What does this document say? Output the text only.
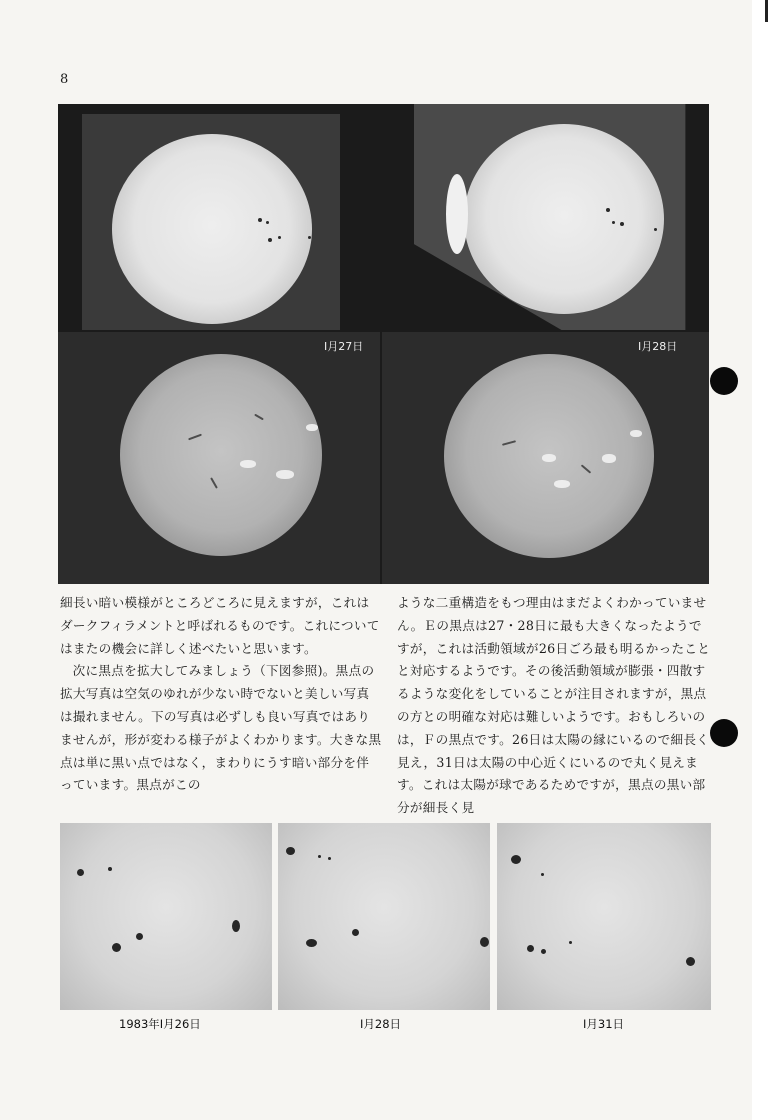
8
Ⅰ月27日	Ⅰ月28日

細長い暗い模様がところどころに見えますが，これはダークフィラメントと呼ばれるものです。これについてはまたの機会に詳しく述べたいと思います。

次に黒点を拡大してみましょう（下図参照)。黒点の拡大写真は空気のゆれが少ない時でないと美しい写真は撮れません。下の写真は必ずしも良い写真ではありませんが，形が変わる様子がよくわかります。大きな黒点は単に黒い点ではなく，まわりにうす暗い部分を伴っています。黒点がこの

ような二重構造をもつ理由はまだよくわかっていません。Ｅの黒点は27・28日に最も大きくなったようですが，これは活動領域が26日ごろ最も明るかったことと対応するようです。その後活動領域が膨張・四散するような変化をしていることが注目されますが，黒点の方との明確な対応は難しいようです。おもしろいのは，Ｆの黒点です。26日は太陽の縁にいるので細長く見え，31日は太陽の中心近くにいるので丸く見えます。これは太陽が球であるためですが，黒点の黒い部分が細長く見

1983年Ⅰ月26日	Ⅰ月28日	Ⅰ月31日
